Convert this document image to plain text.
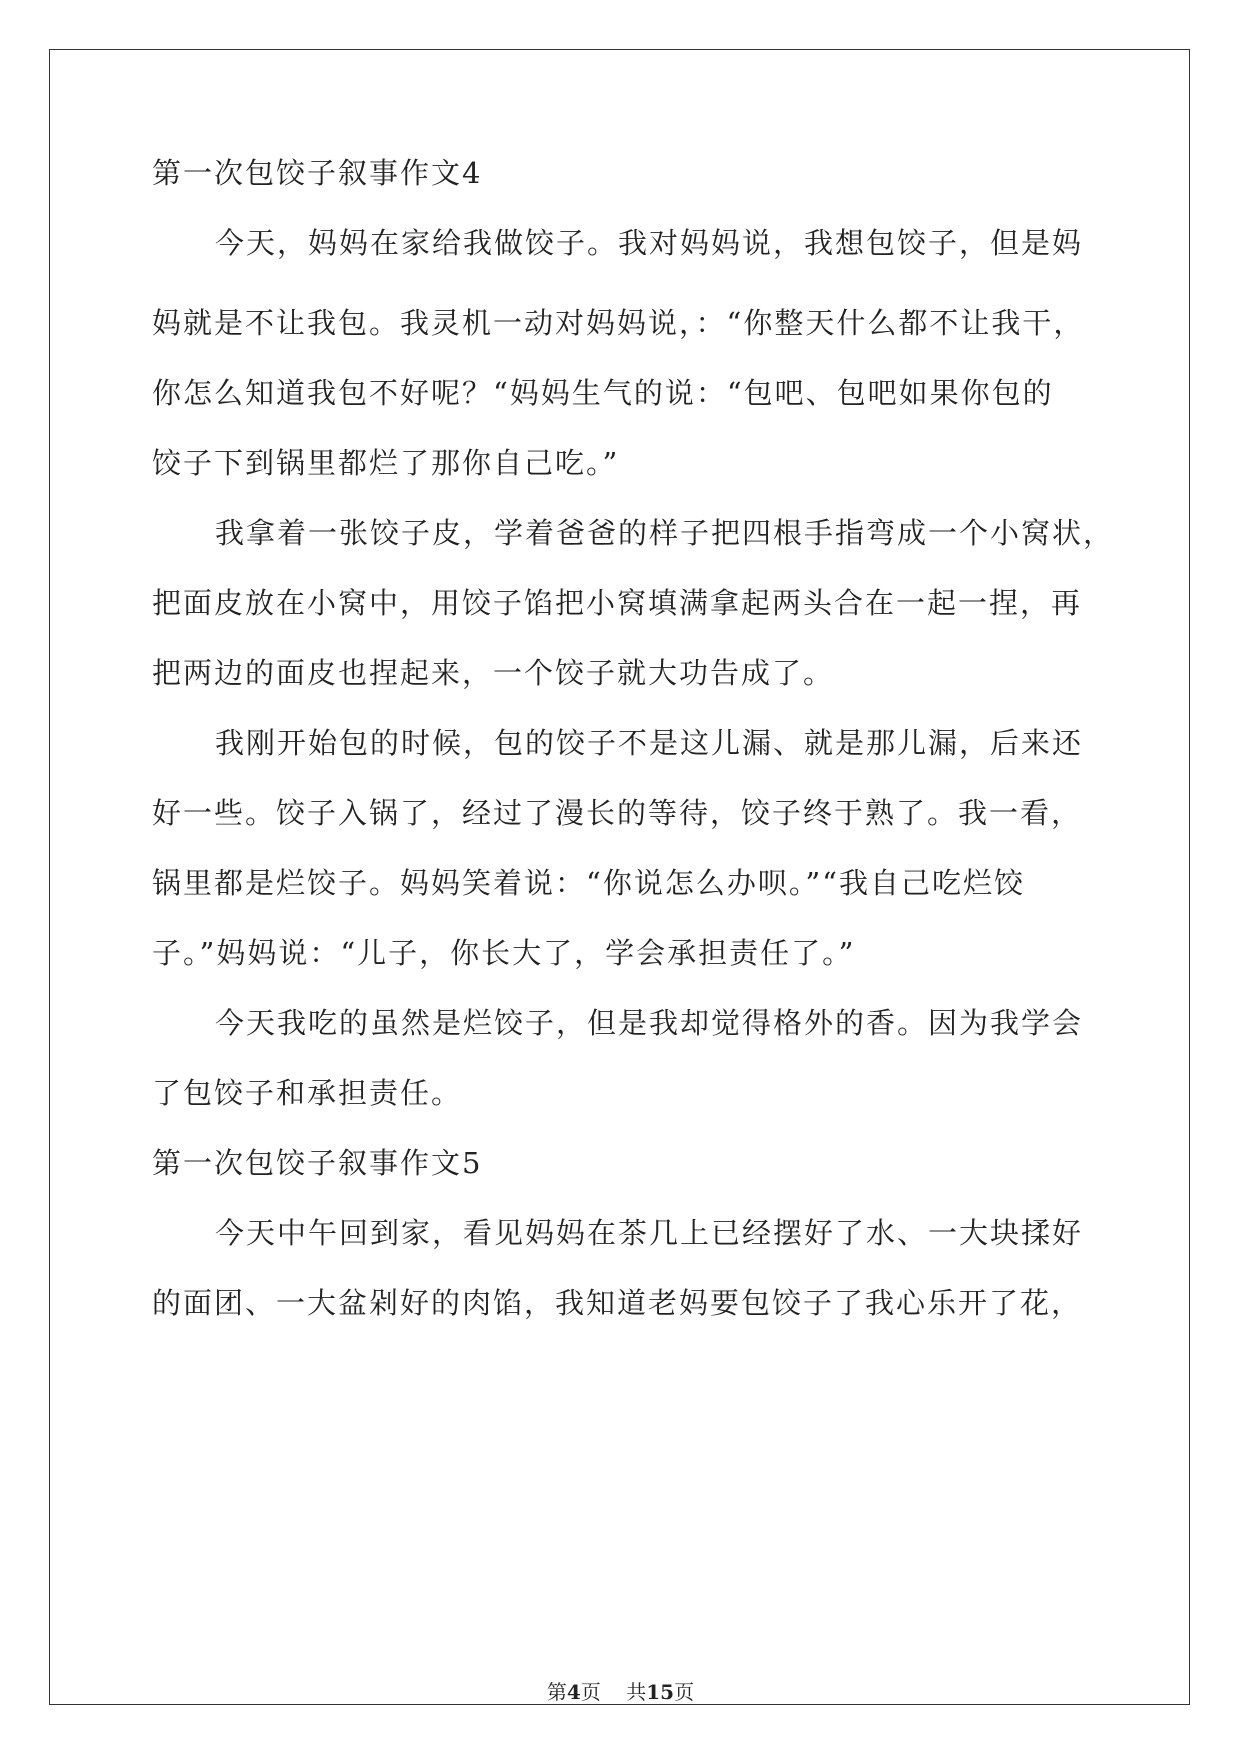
第一次包饺子叙事作文4
今天，妈妈在家给我做饺子。我对妈妈说，我想包饺子，但是妈
妈就是不让我包。我灵机一动对妈妈说，：“你整天什么都不让我干，
你怎么知道我包不好呢？“妈妈生气的说：“包吧、包吧如果你包的
饺子下到锅里都烂了那你自己吃。”
我拿着一张饺子皮，学着爸爸的样子把四根手指弯成一个小窝状，
把面皮放在小窝中，用饺子馅把小窝填满拿起两头合在一起一捏，再
把两边的面皮也捏起来，一个饺子就大功告成了。
我刚开始包的时候，包的饺子不是这儿漏、就是那儿漏，后来还
好一些。饺子入锅了，经过了漫长的等待，饺子终于熟了。我一看，
锅里都是烂饺子。妈妈笑着说：“你说怎么办呗。”“我自己吃烂饺
子。”妈妈说：“儿子，你长大了，学会承担责任了。”
今天我吃的虽然是烂饺子，但是我却觉得格外的香。因为我学会
了包饺子和承担责任。
第一次包饺子叙事作文5
今天中午回到家，看见妈妈在茶几上已经摆好了水、一大块揉好
的面团、一大盆剁好的肉馅，我知道老妈要包饺子了我心乐开了花，
第4页 共15页
